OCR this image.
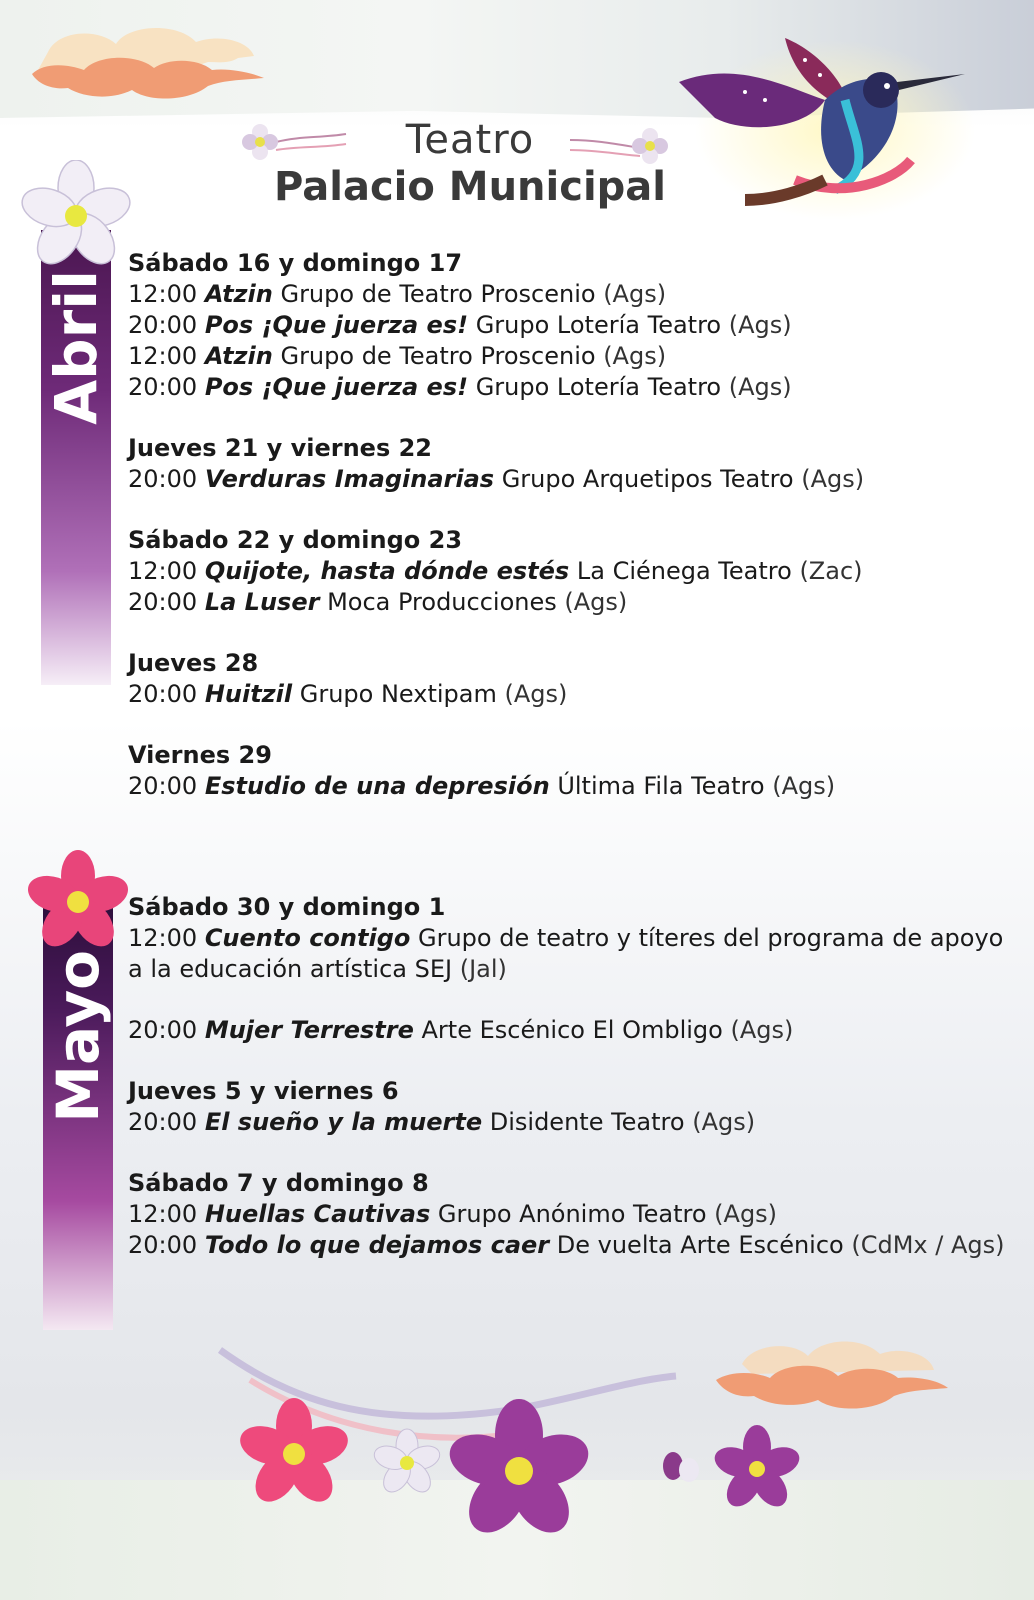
Teatro
Palacio Municipal
Abril
Mayo
Sábado 16 y domingo 17
12:00 Atzin Grupo de Teatro Proscenio (Ags)
20:00 Pos ¡Que juerza es! Grupo Lotería Teatro (Ags)
12:00 Atzin Grupo de Teatro Proscenio (Ags)
20:00 Pos ¡Que juerza es! Grupo Lotería Teatro (Ags)
Jueves 21 y viernes 22
20:00 Verduras Imaginarias Grupo Arquetipos Teatro (Ags)
Sábado 22 y domingo 23
12:00 Quijote, hasta dónde estés La Ciénega Teatro (Zac)
20:00 La Luser Moca Producciones (Ags)
Jueves 28
20:00 Huitzil Grupo Nextipam (Ags)
Viernes 29
20:00 Estudio de una depresión Última Fila Teatro (Ags)
Sábado 30 y domingo 1
12:00 Cuento contigo Grupo de teatro y títeres del programa de apoyo a la educación artística SEJ (Jal)
20:00 Mujer Terrestre Arte Escénico El Ombligo (Ags)
Jueves 5 y viernes 6
20:00 El sueño y la muerte Disidente Teatro (Ags)
Sábado 7 y domingo 8
12:00 Huellas Cautivas Grupo Anónimo Teatro (Ags)
20:00 Todo lo que dejamos caer De vuelta Arte Escénico (CdMx / Ags)
